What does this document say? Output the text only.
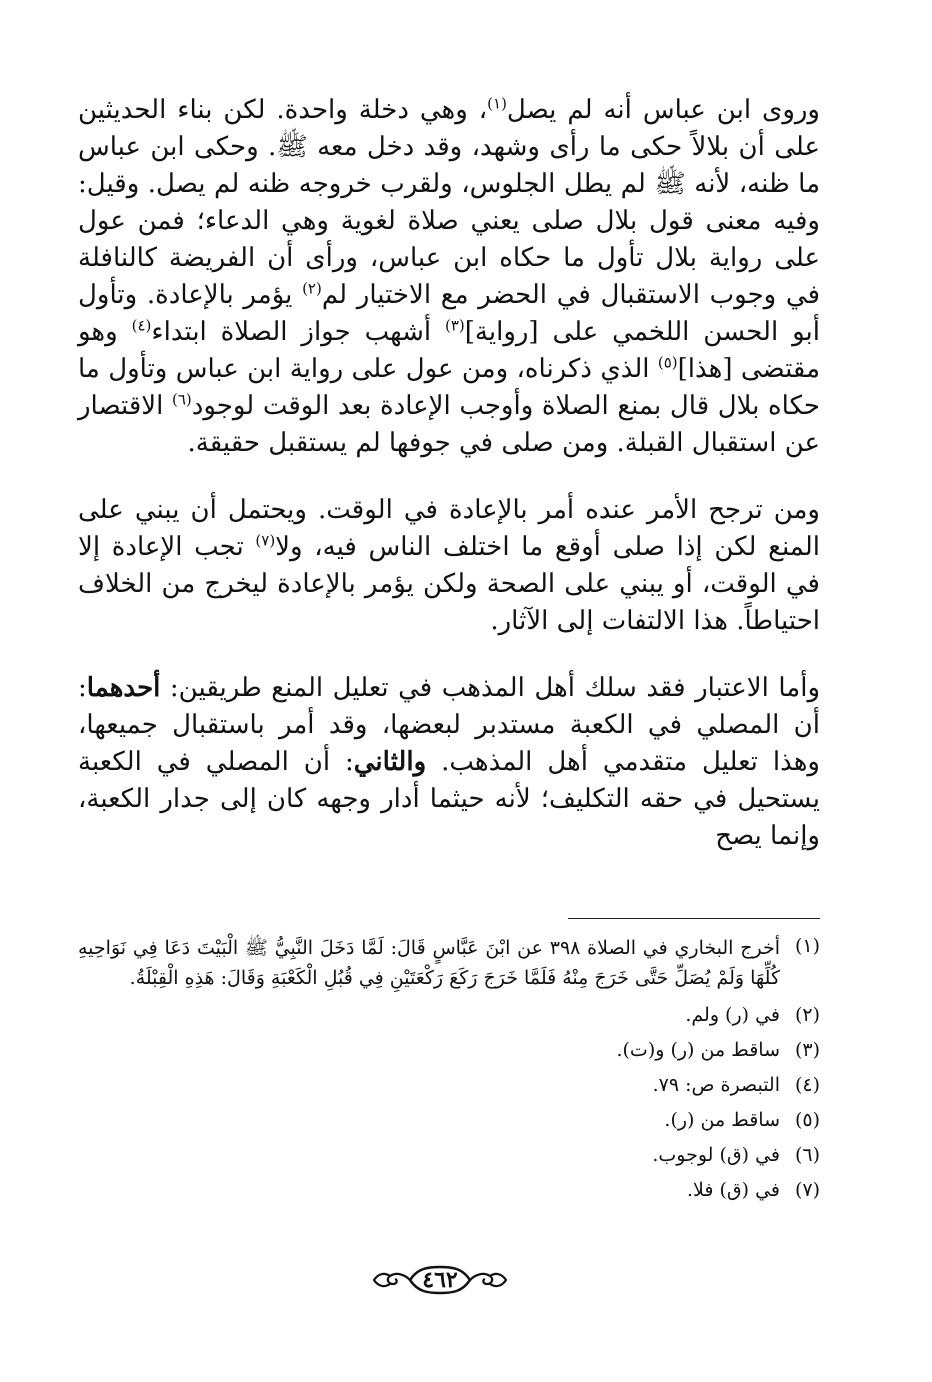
وروى ابن عباس أنه لم يصل$^{(١)}$، وهي دخلة واحدة. لكن بناء الحديثين على أن بلالاً حكى ما رأى وشهد، وقد دخل معه ﷺ. وحكى ابن عباس ما ظنه، لأنه ﷺ لم يطل الجلوس، ولقرب خروجه ظنه لم يصل. وقيل: وفيه معنى قول بلال صلى يعني صلاة لغوية وهي الدعاء؛ فمن عول على رواية بلال تأول ما حكاه ابن عباس، ورأى أن الفريضة كالنافلة في وجوب الاستقبال في الحضر مع الاختيار لم$^{(٢)}$ يؤمر بالإعادة. وتأول أبو الحسن اللخمي على [رواية]$^{(٣)}$ أشهب جواز الصلاة ابتداء$^{(٤)}$ وهو مقتضى [هذا]$^{(٥)}$ الذي ذكرناه، ومن عول على رواية ابن عباس وتأول ما حكاه بلال قال بمنع الصلاة وأوجب الإعادة بعد الوقت لوجود$^{(٦)}$ الاقتصار عن استقبال القبلة. ومن صلى في جوفها لم يستقبل حقيقة.

ومن ترجح الأمر عنده أمر بالإعادة في الوقت. ويحتمل أن يبني على المنع لكن إذا صلى أوقع ما اختلف الناس فيه، ولا$^{(٧)}$ تجب الإعادة إلا في الوقت، أو يبني على الصحة ولكن يؤمر بالإعادة ليخرج من الخلاف احتياطاً. هذا الالتفات إلى الآثار.

وأما الاعتبار فقد سلك أهل المذهب في تعليل المنع طريقين: أحدهما: أن المصلي في الكعبة مستدبر لبعضها، وقد أمر باستقبال جميعها، وهذا تعليل متقدمي أهل المذهب. والثاني: أن المصلي في الكعبة يستحيل في حقه التكليف؛ لأنه حيثما أدار وجهه كان إلى جدار الكعبة، وإنما يصح

(١)
أخرج البخاري في الصلاة ٣٩٨ عن ابْنَ عَبَّاسٍ قَالَ: لَمَّا دَخَلَ النَّبِيُّ ﷺ الْبَيْتَ دَعَا فِي نَوَاحِيهِ كُلِّهَا وَلَمْ يُصَلِّ حَتَّى خَرَجَ مِنْهُ فَلَمَّا خَرَجَ رَكَعَ رَكْعَتَيْنِ فِي قُبُلِ الْكَعْبَةِ وَقَالَ: هَذِهِ الْقِبْلَةُ.
(٢)
في (ر) ولم.
(٣)
ساقط من (ر) و(ت).
(٤)
التبصرة ص: ٧٩.
(٥)
ساقط من (ر).
(٦)
في (ق) لوجوب.
(٧)
في (ق) فلا.
٤٦٢
